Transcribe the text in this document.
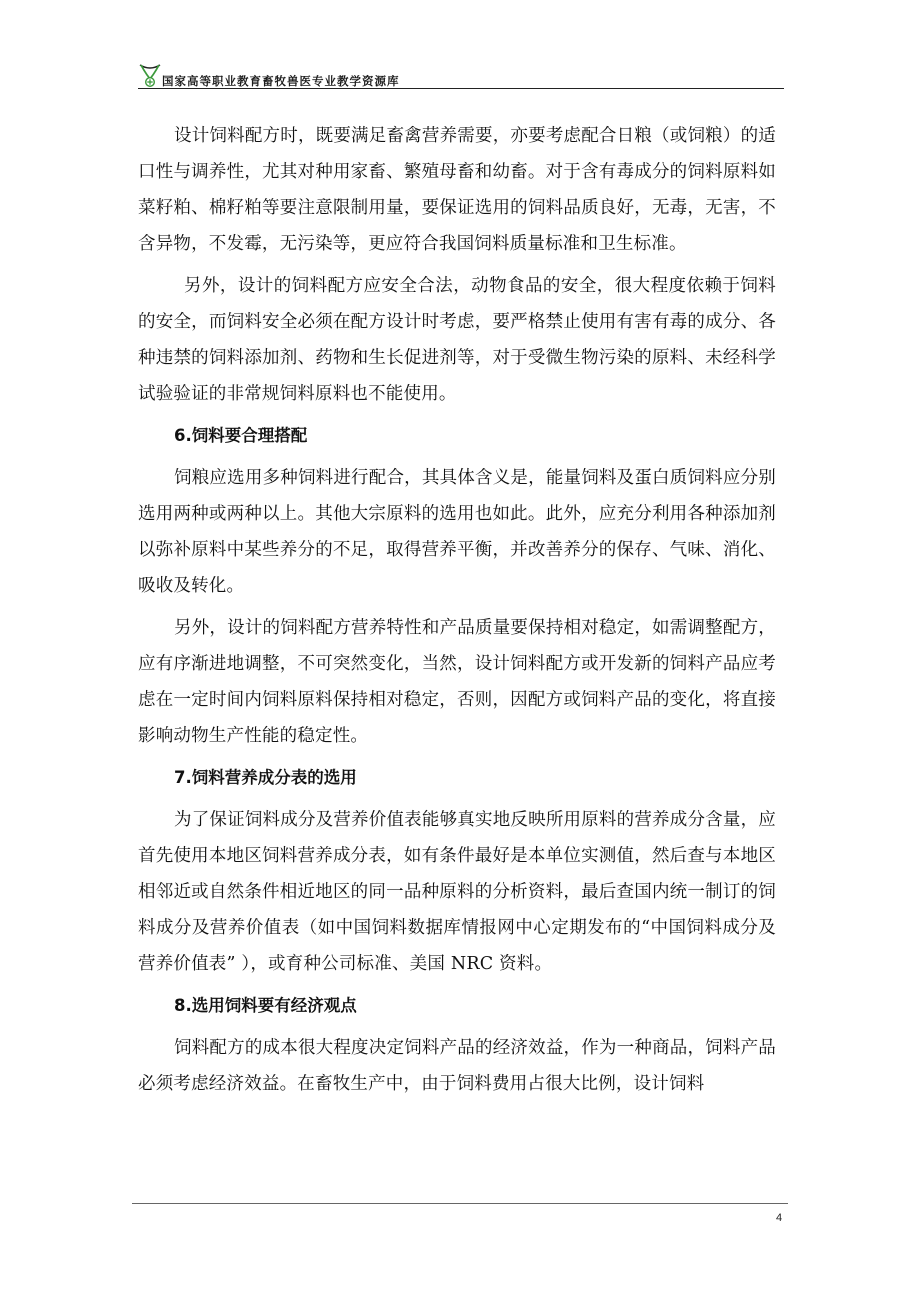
国家高等职业教育畜牧兽医专业教学资源库

设计饲料配方时，既要满足畜禽营养需要，亦要考虑配合日粮（或饲粮）的适口性与调养性，尤其对种用家畜、繁殖母畜和幼畜。对于含有毒成分的饲料原料如菜籽粕、棉籽粕等要注意限制用量，要保证选用的饲料品质良好，无毒，无害，不含异物，不发霉，无污染等，更应符合我国饲料质量标准和卫生标准。

另外，设计的饲料配方应安全合法，动物食品的安全，很大程度依赖于饲料的安全，而饲料安全必须在配方设计时考虑，要严格禁止使用有害有毒的成分、各种违禁的饲料添加剂、药物和生长促进剂等，对于受微生物污染的原料、未经科学试验验证的非常规饲料原料也不能使用。

6.饲料要合理搭配

饲粮应选用多种饲料进行配合，其具体含义是，能量饲料及蛋白质饲料应分别选用两种或两种以上。其他大宗原料的选用也如此。此外，应充分利用各种添加剂以弥补原料中某些养分的不足，取得营养平衡，并改善养分的保存、气味、消化、吸收及转化。

另外，设计的饲料配方营养特性和产品质量要保持相对稳定，如需调整配方，应有序渐进地调整，不可突然变化，当然，设计饲料配方或开发新的饲料产品应考虑在一定时间内饲料原料保持相对稳定，否则，因配方或饲料产品的变化，将直接影响动物生产性能的稳定性。

7.饲料营养成分表的选用

为了保证饲料成分及营养价值表能够真实地反映所用原料的营养成分含量，应首先使用本地区饲料营养成分表，如有条件最好是本单位实测值，然后查与本地区相邻近或自然条件相近地区的同一品种原料的分析资料，最后查国内统一制订的饲料成分及营养价值表（如中国饲料数据库情报网中心定期发布的“中国饲料成分及营养价值表” ），或育种公司标准、美国 NRC 资料。

8.选用饲料要有经济观点

饲料配方的成本很大程度决定饲料产品的经济效益，作为一种商品，饲料产品必须考虑经济效益。在畜牧生产中，由于饲料费用占很大比例，设计饲料

4
